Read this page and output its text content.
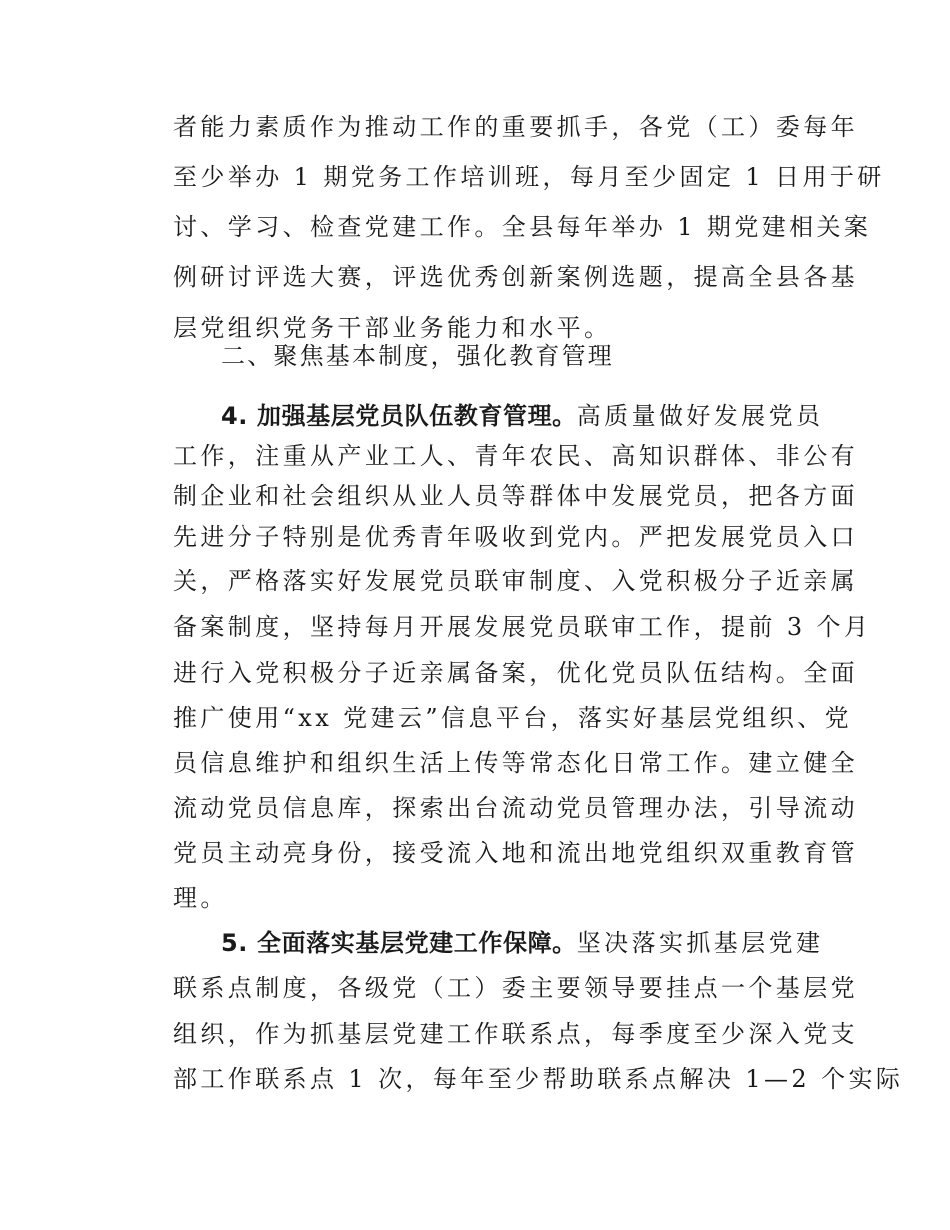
者能力素质作为推动工作的重要抓手，各党（工）委每年
至少举办 1 期党务工作培训班，每月至少固定 1 日用于研
讨、学习、检查党建工作。全县每年举办 1 期党建相关案
例研讨评选大赛，评选优秀创新案例选题，提高全县各基
层党组织党务干部业务能力和水平。
二、聚焦基本制度，强化教育管理
4. 加强基层党员队伍教育管理。高质量做好发展党员
工作，注重从产业工人、青年农民、高知识群体、非公有
制企业和社会组织从业人员等群体中发展党员，把各方面
先进分子特别是优秀青年吸收到党内。严把发展党员入口
关，严格落实好发展党员联审制度、入党积极分子近亲属
备案制度，坚持每月开展发展党员联审工作，提前 3 个月
进行入党积极分子近亲属备案，优化党员队伍结构。全面
推广使用“xx 党建云”信息平台，落实好基层党组织、党
员信息维护和组织生活上传等常态化日常工作。建立健全
流动党员信息库，探索出台流动党员管理办法，引导流动
党员主动亮身份，接受流入地和流出地党组织双重教育管
理。
5. 全面落实基层党建工作保障。坚决落实抓基层党建
联系点制度，各级党（工）委主要领导要挂点一个基层党
组织，作为抓基层党建工作联系点，每季度至少深入党支
部工作联系点 1 次，每年至少帮助联系点解决 1—2 个实际
